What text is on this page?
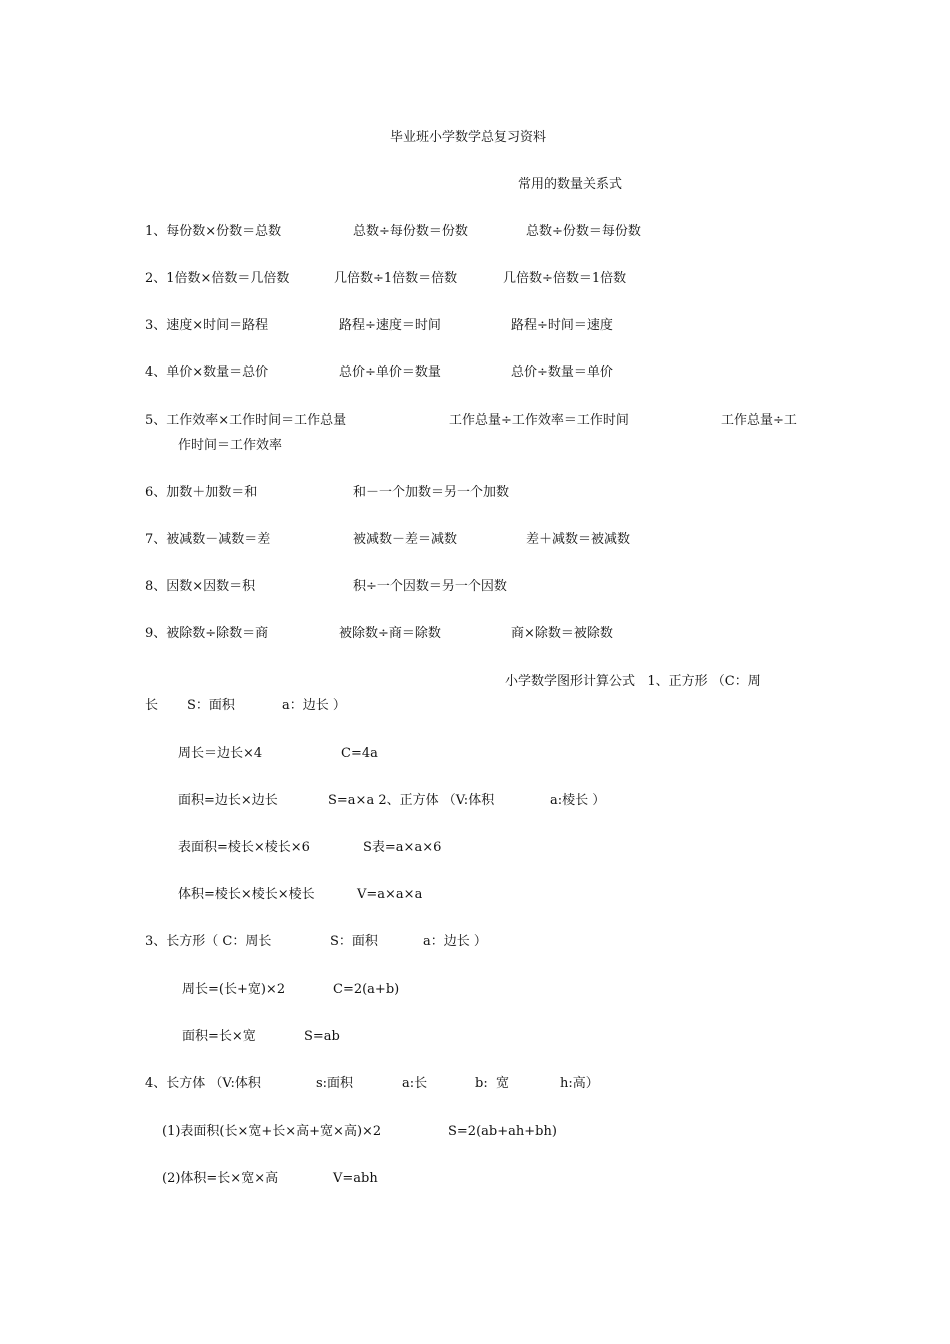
毕业班小学数学总复习资料
常用的数量关系式
1、每份数×份数＝总数	总数÷每份数＝份数	总数÷份数＝每份数
2、1倍数×倍数＝几倍数	几倍数÷1倍数＝倍数	几倍数÷倍数＝1倍数
3、速度×时间＝路程	路程÷速度＝时间	路程÷时间＝速度
4、单价×数量＝总价	总价÷单价＝数量	总价÷数量＝单价
5、工作效率×工作时间＝工作总量	工作总量÷工作效率＝工作时间	工作总量÷工
作时间＝工作效率
6、加数＋加数＝和	和－一个加数＝另一个加数
7、被减数－减数＝差	被减数－差＝减数	差＋减数＝被减数
8、因数×因数＝积	积÷一个因数＝另一个因数
9、被除数÷除数＝商	被除数÷商＝除数	商×除数＝被除数
小学数学图形计算公式   1、正方形 （C：周
长 S：面积	a：边长 ）
周长＝边长×4	C=4a
面积=边长×边长	S=a×a 2、正方体 （V:体积	a:棱长 ）
表面积=棱长×棱长×6	S表=a×a×6
体积=棱长×棱长×棱长	V=a×a×a
3、长方形（ C：周长	S：面积	a：边长 ）
周长=(长+宽)×2	C=2(a+b)
面积=长×宽	S=ab
4、长方体 （V:体积	s:面积	a:长	b:  宽	h:高）
(1)表面积(长×宽+长×高+宽×高)×2	S=2(ab+ah+bh)
(2)体积=长×宽×高	V=abh
